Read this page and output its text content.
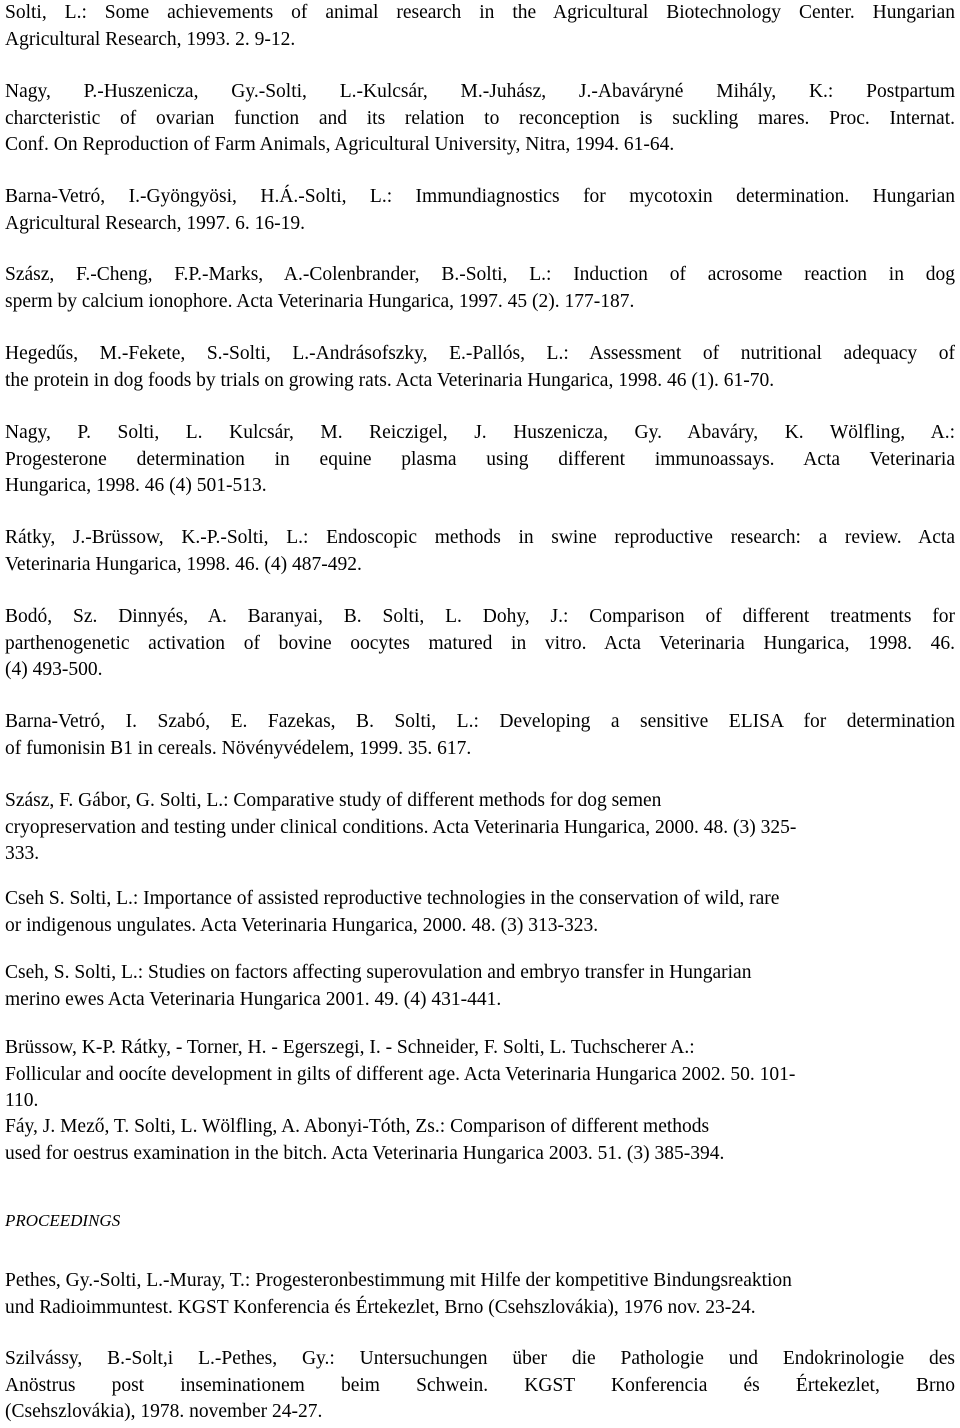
Solti, L.: Some achievements of animal research in the Agricultural Biotechnology Center. Hungarian
Agricultural Research, 1993. 2. 9-12.
Nagy, P.-Huszenicza, Gy.-Solti, L.-Kulcsár, M.-Juhász, J.-Abaváryné Mihály, K.: Postpartum
charcteristic of ovarian function and its relation to reconception is suckling mares. Proc. Internat.
Conf. On Reproduction of Farm Animals, Agricultural University, Nitra, 1994. 61-64.
Barna-Vetró, I.-Gyöngyösi, H.Á.-Solti, L.: Immundiagnostics for mycotoxin determination. Hungarian
Agricultural Research, 1997. 6. 16-19.
Szász, F.-Cheng, F.P.-Marks, A.-Colenbrander, B.-Solti, L.: Induction of acrosome reaction in dog
sperm by calcium ionophore. Acta Veterinaria Hungarica, 1997. 45 (2). 177-187.
Hegedűs, M.-Fekete, S.-Solti, L.-Andrásofszky, E.-Pallós, L.: Assessment of nutritional adequacy of
the protein in dog foods by trials on growing rats. Acta Veterinaria Hungarica, 1998. 46 (1). 61-70.
Nagy, P. Solti, L. Kulcsár, M. Reiczigel, J. Huszenicza, Gy. Abaváry, K. Wölfling, A.:
Progesterone determination in equine plasma using different immunoassays. Acta Veterinaria
Hungarica, 1998. 46 (4) 501-513.
Rátky, J.-Brüssow, K.-P.-Solti, L.: Endoscopic methods in swine reproductive research: a review. Acta
Veterinaria Hungarica, 1998. 46. (4) 487-492.
Bodó, Sz. Dinnyés, A. Baranyai, B. Solti, L. Dohy, J.: Comparison of different treatments for
parthenogenetic activation of bovine oocytes matured in vitro. Acta Veterinaria Hungarica, 1998. 46.
(4) 493-500.
Barna-Vetró, I. Szabó, E. Fazekas, B. Solti, L.: Developing a sensitive ELISA for determination
of fumonisin B1 in cereals. Növényvédelem, 1999. 35. 617.
Szász, F. Gábor, G. Solti, L.: Comparative study of different methods for dog semen
cryopreservation and testing under clinical conditions. Acta Veterinaria Hungarica, 2000. 48. (3) 325-
333.
Cseh S. Solti, L.: Importance of assisted reproductive technologies in the conservation of wild, rare
or indigenous ungulates. Acta Veterinaria Hungarica, 2000. 48. (3) 313-323.
Cseh, S. Solti, L.: Studies on factors affecting superovulation and embryo transfer in Hungarian
merino ewes Acta Veterinaria Hungarica 2001. 49. (4) 431-441.
Brüssow, K-P. Rátky, - Torner, H. - Egerszegi, I. - Schneider, F. Solti, L. Tuchscherer A.:
Follicular and oocíte development in gilts of different age. Acta Veterinaria Hungarica 2002. 50. 101-
110.
Fáy, J. Mező, T. Solti, L. Wölfling, A. Abonyi-Tóth, Zs.: Comparison of different methods
used for oestrus examination in the bitch. Acta Veterinaria Hungarica 2003. 51. (3) 385-394.
PROCEEDINGS
Pethes, Gy.-Solti, L.-Muray, T.: Progesteronbestimmung mit Hilfe der kompetitive Bindungsreaktion
und Radioimmuntest. KGST Konferencia és Értekezlet, Brno (Csehszlovákia), 1976 nov. 23-24.
Szilvássy, B.-Solt,i L.-Pethes, Gy.: Untersuchungen über die Pathologie und Endokrinologie des
Anöstrus post inseminationem beim Schwein. KGST Konferencia és Értekezlet, Brno
(Csehszlovákia), 1978. november 24-27.
